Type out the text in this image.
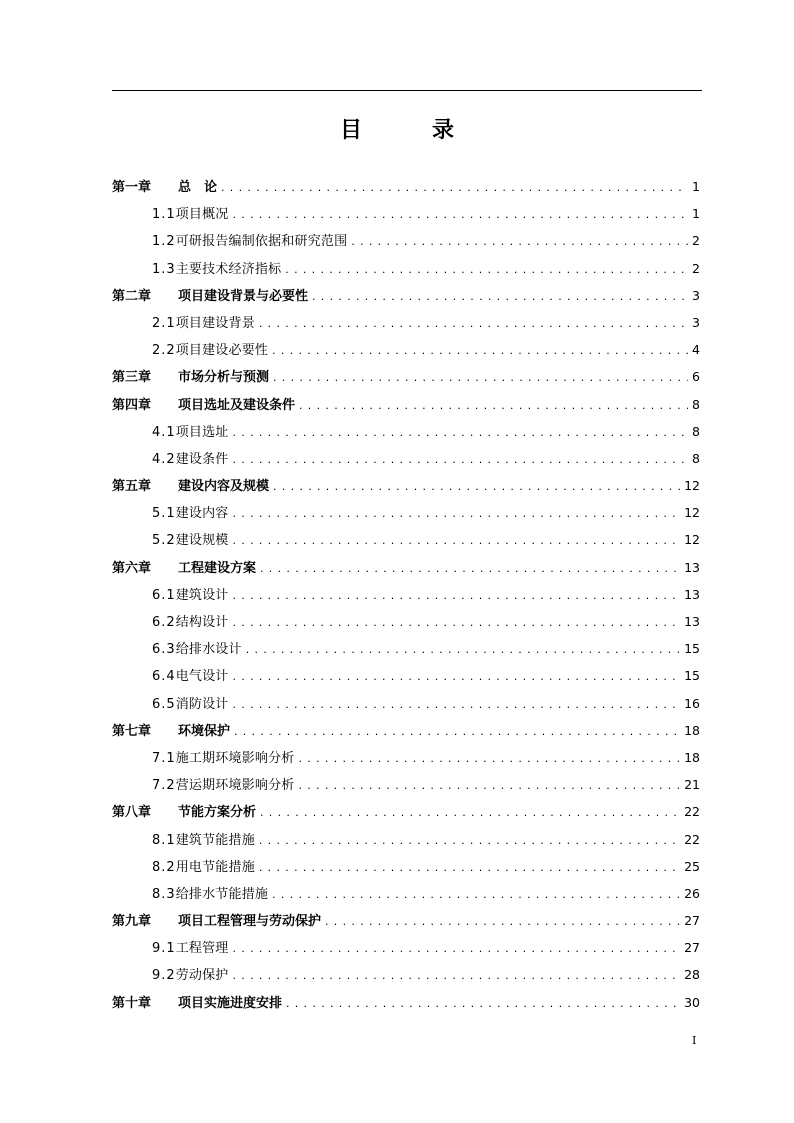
目　录
第一章 总　论 . . .	1
1.1项目概况 . . .	1
1.2可研报告编制依据和研究范围 . . .	2
1.3主要技术经济指标 . . .	2
第二章 项目建设背景与必要性 . . .	3
2.1项目建设背景 . . .	3
2.2项目建设必要性 . . .	4
第三章 市场分析与预测 . . .	6
第四章 项目选址及建设条件 . . .	8
4.1项目选址 . . .	8
4.2建设条件 . . .	8
第五章 建设内容及规模 . . .	12
5.1建设内容 . . .	12
5.2建设规模 . . .	12
第六章 工程建设方案 . . .	13
6.1建筑设计 . . .	13
6.2结构设计 . . .	13
6.3给排水设计 . . .	15
6.4电气设计 . . .	15
6.5消防设计 . . .	16
第七章 环境保护 . . .	18
7.1施工期环境影响分析 . . .	18
7.2营运期环境影响分析 . . .	21
第八章 节能方案分析 . . .	22
8.1建筑节能措施 . . .	22
8.2用电节能措施 . . .	25
8.3给排水节能措施 . . .	26
第九章 项目工程管理与劳动保护 . . .	27
9.1工程管理 . . .	27
9.2劳动保护 . . .	28
第十章 项目实施进度安排 . . .	30
I
